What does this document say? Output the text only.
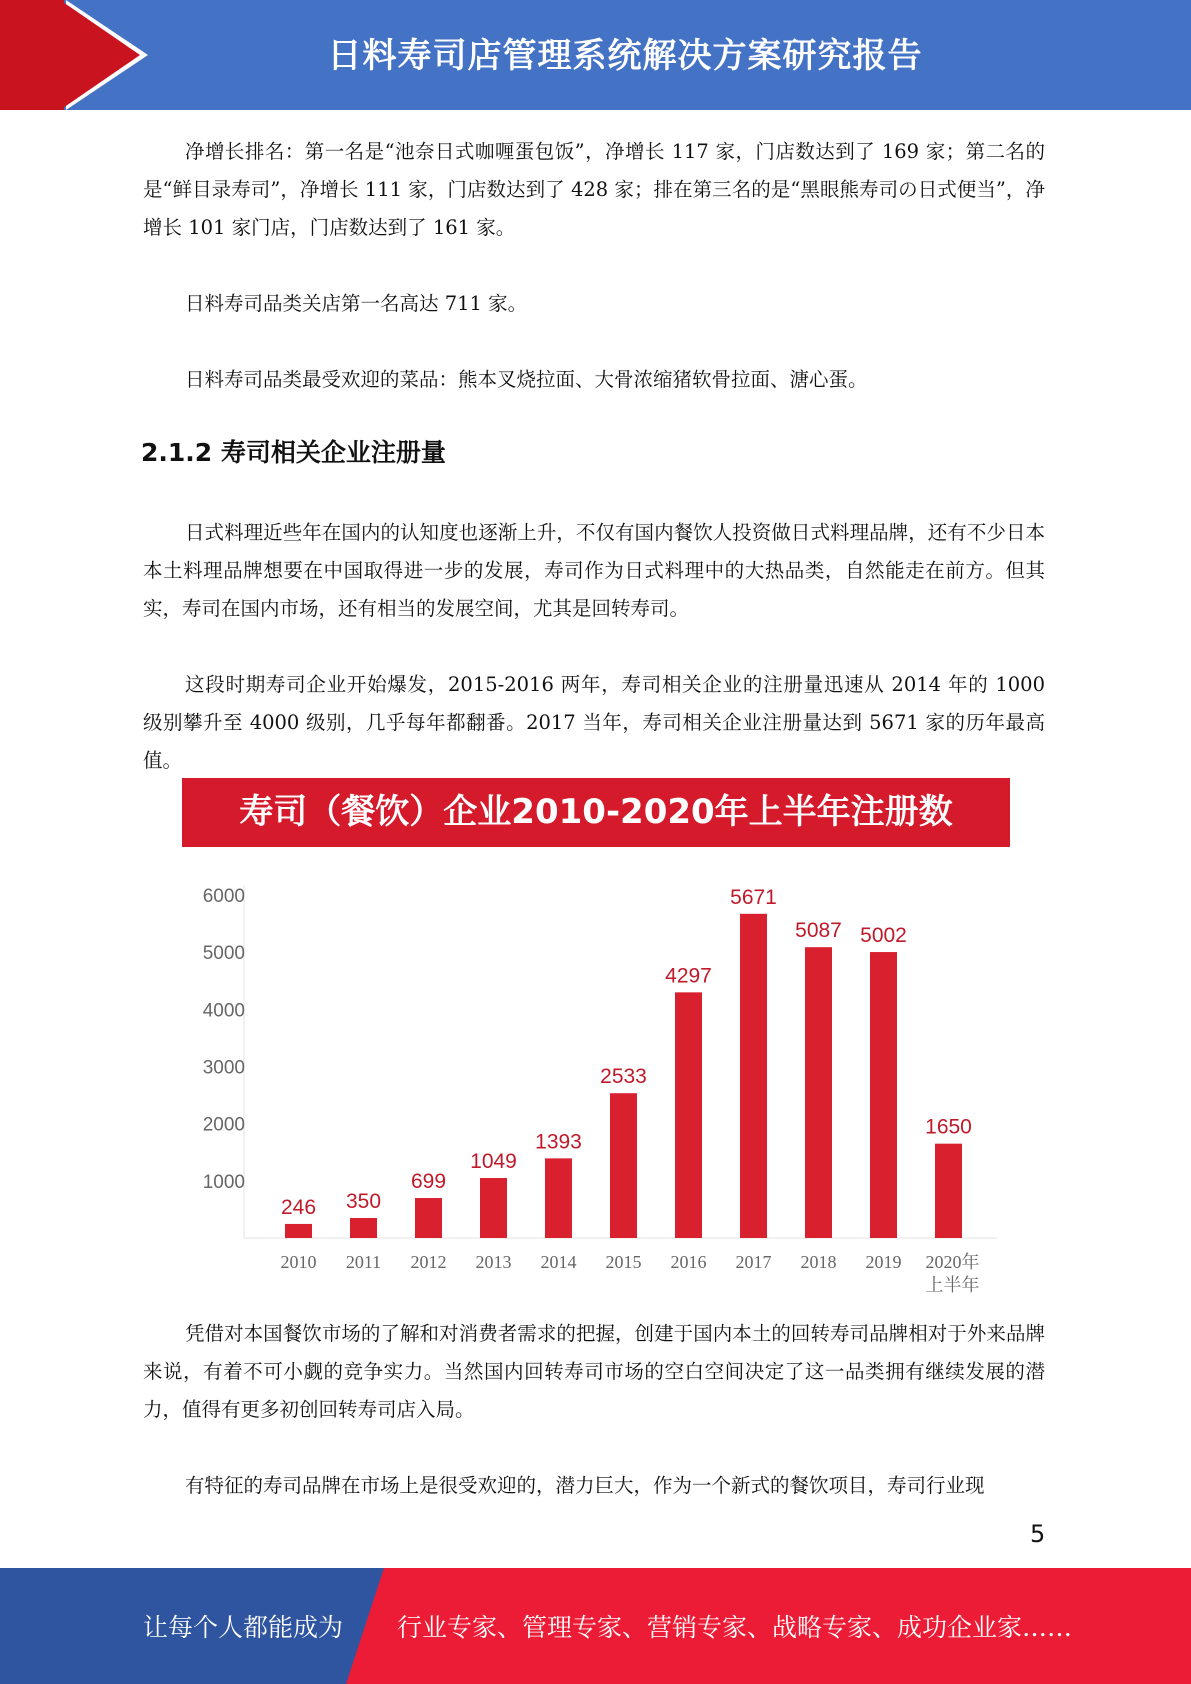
日料寿司店管理系统解决方案研究报告

净增长排名：第一名是“池奈日式咖喱蛋包饭”，净增长 117 家，门店数达到了 169 家；第二名的是“鲜目录寿司”，净增长 111 家，门店数达到了 428 家；排在第三名的是“黑眼熊寿司の日式便当”，净增长 101 家门店，门店数达到了 161 家。

日料寿司品类关店第一名高达 711 家。

日料寿司品类最受欢迎的菜品：熊本叉烧拉面、大骨浓缩猪软骨拉面、溏心蛋。

2.1.2 寿司相关企业注册量

日式料理近些年在国内的认知度也逐渐上升，不仅有国内餐饮人投资做日式料理品牌，还有不少日本本土料理品牌想要在中国取得进一步的发展，寿司作为日式料理中的大热品类，自然能走在前方。但其实，寿司在国内市场，还有相当的发展空间，尤其是回转寿司。

这段时期寿司企业开始爆发，2015-2016 两年，寿司相关企业的注册量迅速从 2014 年的 1000 级别攀升至 4000 级别，几乎每年都翻番。2017 当年，寿司相关企业注册量达到 5671 家的历年最高值。

寿司（餐饮）企业2010-2020年上半年注册数
1000
2000
3000
4000
5000
6000
246
2010
350
2011
699
2012
1049
2013
1393
2014
2533
2015
4297
2016
5671
2017
5087
2018
5002
2019
1650
2020年
上半年

凭借对本国餐饮市场的了解和对消费者需求的把握，创建于国内本土的回转寿司品牌相对于外来品牌来说，有着不可小觑的竞争实力。当然国内回转寿司市场的空白空间决定了这一品类拥有继续发展的潜力，值得有更多初创回转寿司店入局。

有特征的寿司品牌在市场上是很受欢迎的，潜力巨大，作为一个新式的餐饮项目，寿司行业现

5
让每个人都能成为 行业专家、管理专家、营销专家、战略专家、成功企业家……
